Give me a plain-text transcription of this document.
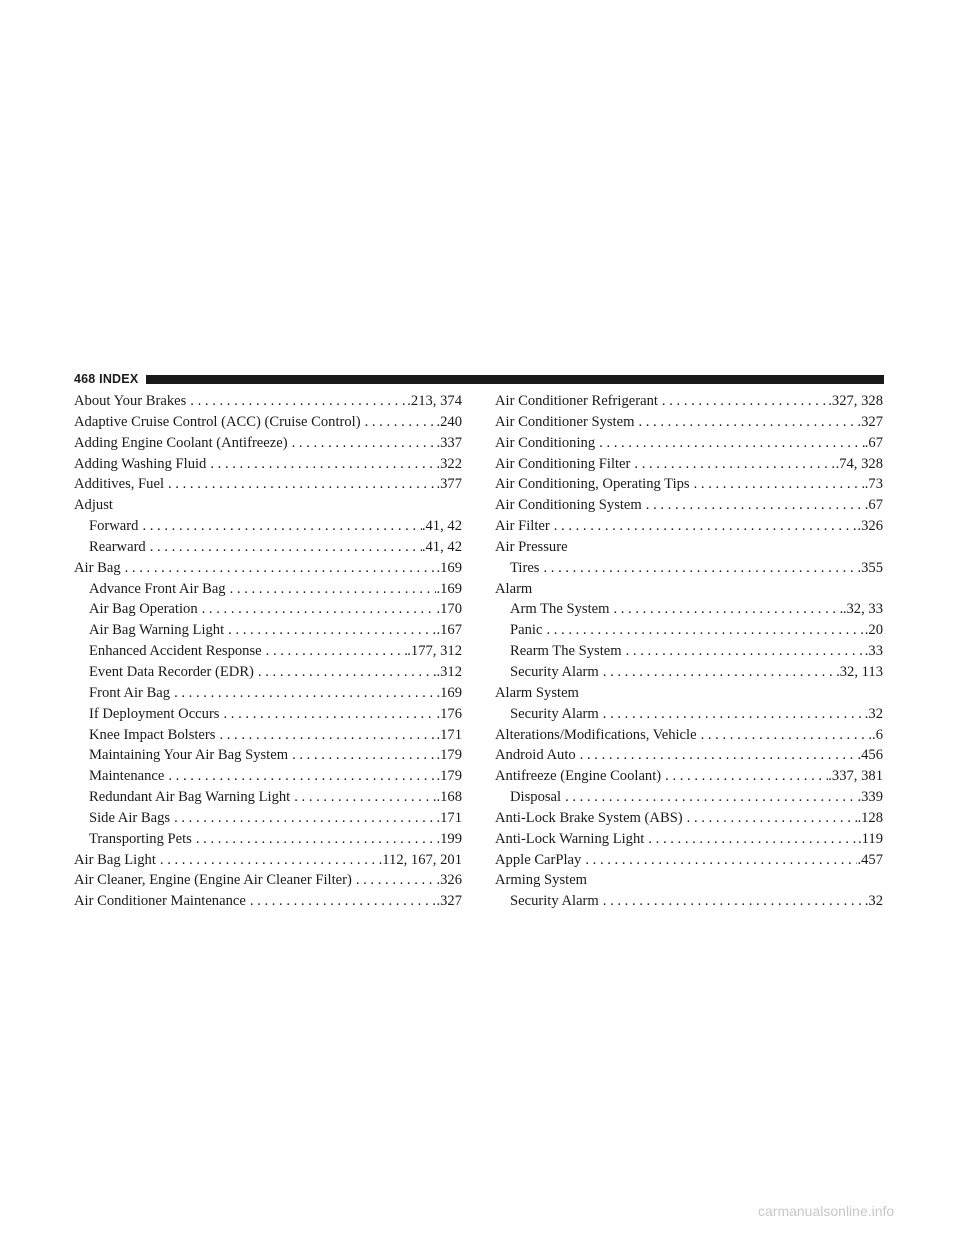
468 INDEX
About Your Brakes . . .	.213, 374
Adaptive Cruise Control (ACC) (Cruise Control) . . .	.240
Adding Engine Coolant (Antifreeze) . . .	.337
Adding Washing Fluid . . .	.322
Additives, Fuel . . .	.377
Adjust
Forward . . .	.41, 42
Rearward . . .	.41, 42
Air Bag . . .	.169
Advance Front Air Bag . . .	.169
Air Bag Operation . . .	.170
Air Bag Warning Light . . .	.167
Enhanced Accident Response . . .	.177, 312
Event Data Recorder (EDR) . . .	.312
Front Air Bag . . .	.169
If Deployment Occurs . . .	.176
Knee Impact Bolsters . . .	.171
Maintaining Your Air Bag System . . .	.179
Maintenance . . .	.179
Redundant Air Bag Warning Light . . .	.168
Side Air Bags . . .	.171
Transporting Pets . . .	.199
Air Bag Light . . .	.112, 167, 201
Air Cleaner, Engine (Engine Air Cleaner Filter) . . .	.326
Air Conditioner Maintenance . . .	.327
Air Conditioner Refrigerant . . .	.327, 328
Air Conditioner System . . .	.327
Air Conditioning . . .	.67
Air Conditioning Filter . . .	.74, 328
Air Conditioning, Operating Tips . . .	.73
Air Conditioning System . . .	.67
Air Filter . . .	.326
Air Pressure
Tires . . .	.355
Alarm
Arm The System . . .	.32, 33
Panic . . .	.20
Rearm The System . . .	.33
Security Alarm . . .	.32, 113
Alarm System
Security Alarm . . .	.32
Alterations/Modifications, Vehicle . . .	.6
Android Auto . . .	.456
Antifreeze (Engine Coolant) . . .	.337, 381
Disposal . . .	.339
Anti-Lock Brake System (ABS) . . .	.128
Anti-Lock Warning Light . . .	.119
Apple CarPlay . . .	.457
Arming System
Security Alarm . . .	.32
carmanualsonline.info
